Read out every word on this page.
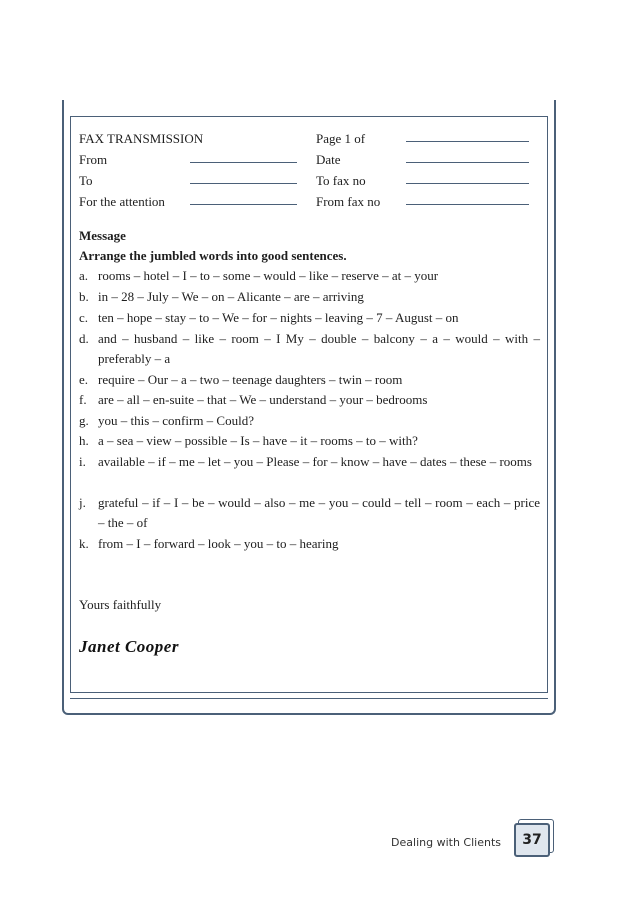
FAX TRANSMISSION
From
To
For the attention
Page 1 of
Date
To fax no
From fax no
Message
Arrange the jumbled words into good sentences.
a. rooms – hotel – I – to – some – would – like – reserve – at – your
b. in – 28 – July – We – on – Alicante – are – arriving
c. ten – hope – stay – to – We – for – nights – leaving – 7 – August – on
d. and – husband – like – room – I My – double – balcony – a – would – with – preferably – a
e. require – Our – a – two – teenage daughters – twin – room
f. are – all – en-suite – that – We – understand – your – bedrooms
g. you – this – confirm – Could?
h. a – sea – view – possible – Is – have – it – rooms – to – with?
i. available – if – me – let – you – Please – for – know – have – dates – these – rooms
j. grateful – if – I – be – would – also – me – you – could – tell – room – each – price – the – of
k. from – I – forward – look – you – to – hearing
Yours faithfully
Janet Cooper
Dealing with Clients	37
